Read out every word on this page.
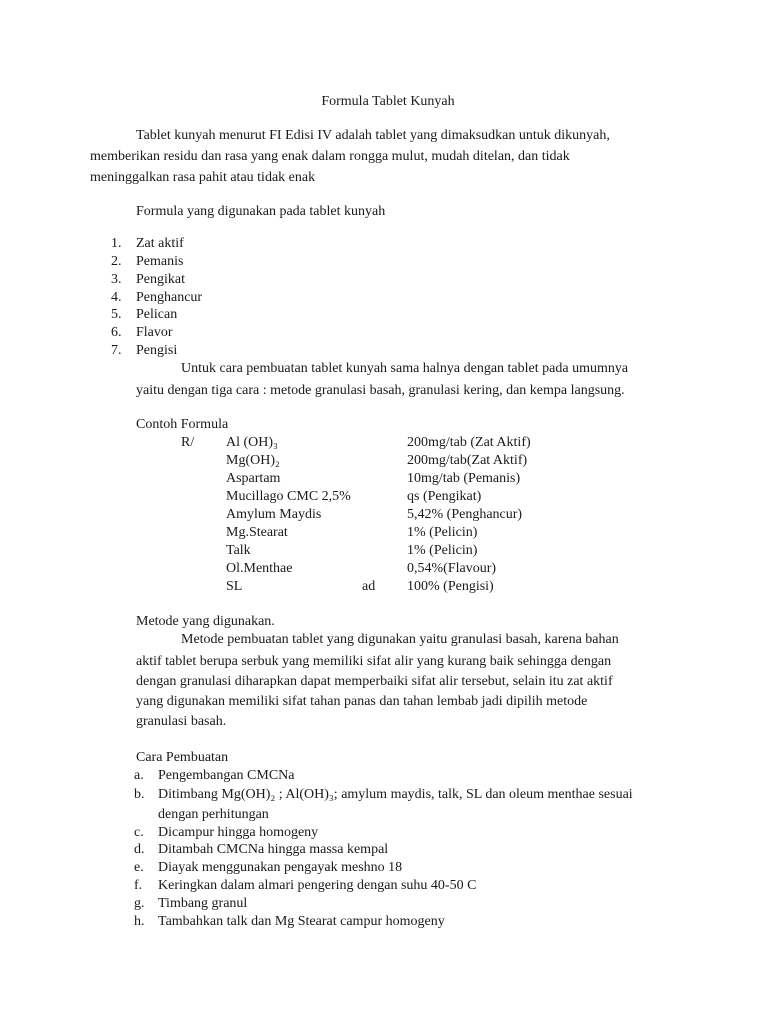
Formula Tablet Kunyah
Tablet kunyah menurut FI Edisi IV adalah tablet yang dimaksudkan untuk dikunyah,
memberikan residu dan rasa yang enak dalam rongga mulut, mudah ditelan, dan tidak
meninggalkan rasa pahit atau tidak enak
Formula yang digunakan pada tablet kunyah
1. Zat aktif
2. Pemanis
3. Pengikat
4. Penghancur
5. Pelican
6. Flavor
7. Pengisi
Untuk cara pembuatan tablet kunyah sama halnya dengan tablet pada umumnya
yaitu dengan tiga cara : metode granulasi basah, granulasi kering, dan kempa langsung.
Contoh Formula
R/ Al (OH)₃	200mg/tab (Zat Aktif)
Mg(OH)₂	200mg/tab(Zat Aktif)
Aspartam	10mg/tab (Pemanis)
Mucillago CMC 2,5%	qs (Pengikat)
Amylum Maydis	5,42% (Penghancur)
Mg.Stearat	1% (Pelicin)
Talk	1% (Pelicin)
Ol.Menthae	0,54%(Flavour)
SL	ad 100% (Pengisi)
Metode yang digunakan.
Metode pembuatan tablet yang digunakan yaitu granulasi basah, karena bahan
aktif tablet berupa serbuk yang memiliki sifat alir yang kurang baik sehingga dengan
dengan granulasi diharapkan dapat memperbaiki sifat alir tersebut, selain itu zat aktif
yang digunakan memiliki sifat tahan panas dan tahan lembab jadi dipilih metode
granulasi basah.
Cara Pembuatan
a. Pengembangan CMCNa
b. Ditimbang Mg(OH)₂ ; Al(OH)₃; amylum maydis, talk, SL dan oleum menthae sesuai
dengan perhitungan
c. Dicampur hingga homogeny
d. Ditambah CMCNa hingga massa kempal
e. Diayak menggunakan pengayak meshno 18
f. Keringkan dalam almari pengering dengan suhu 40-50 C
g. Timbang granul
h. Tambahkan talk dan Mg Stearat campur homogeny
